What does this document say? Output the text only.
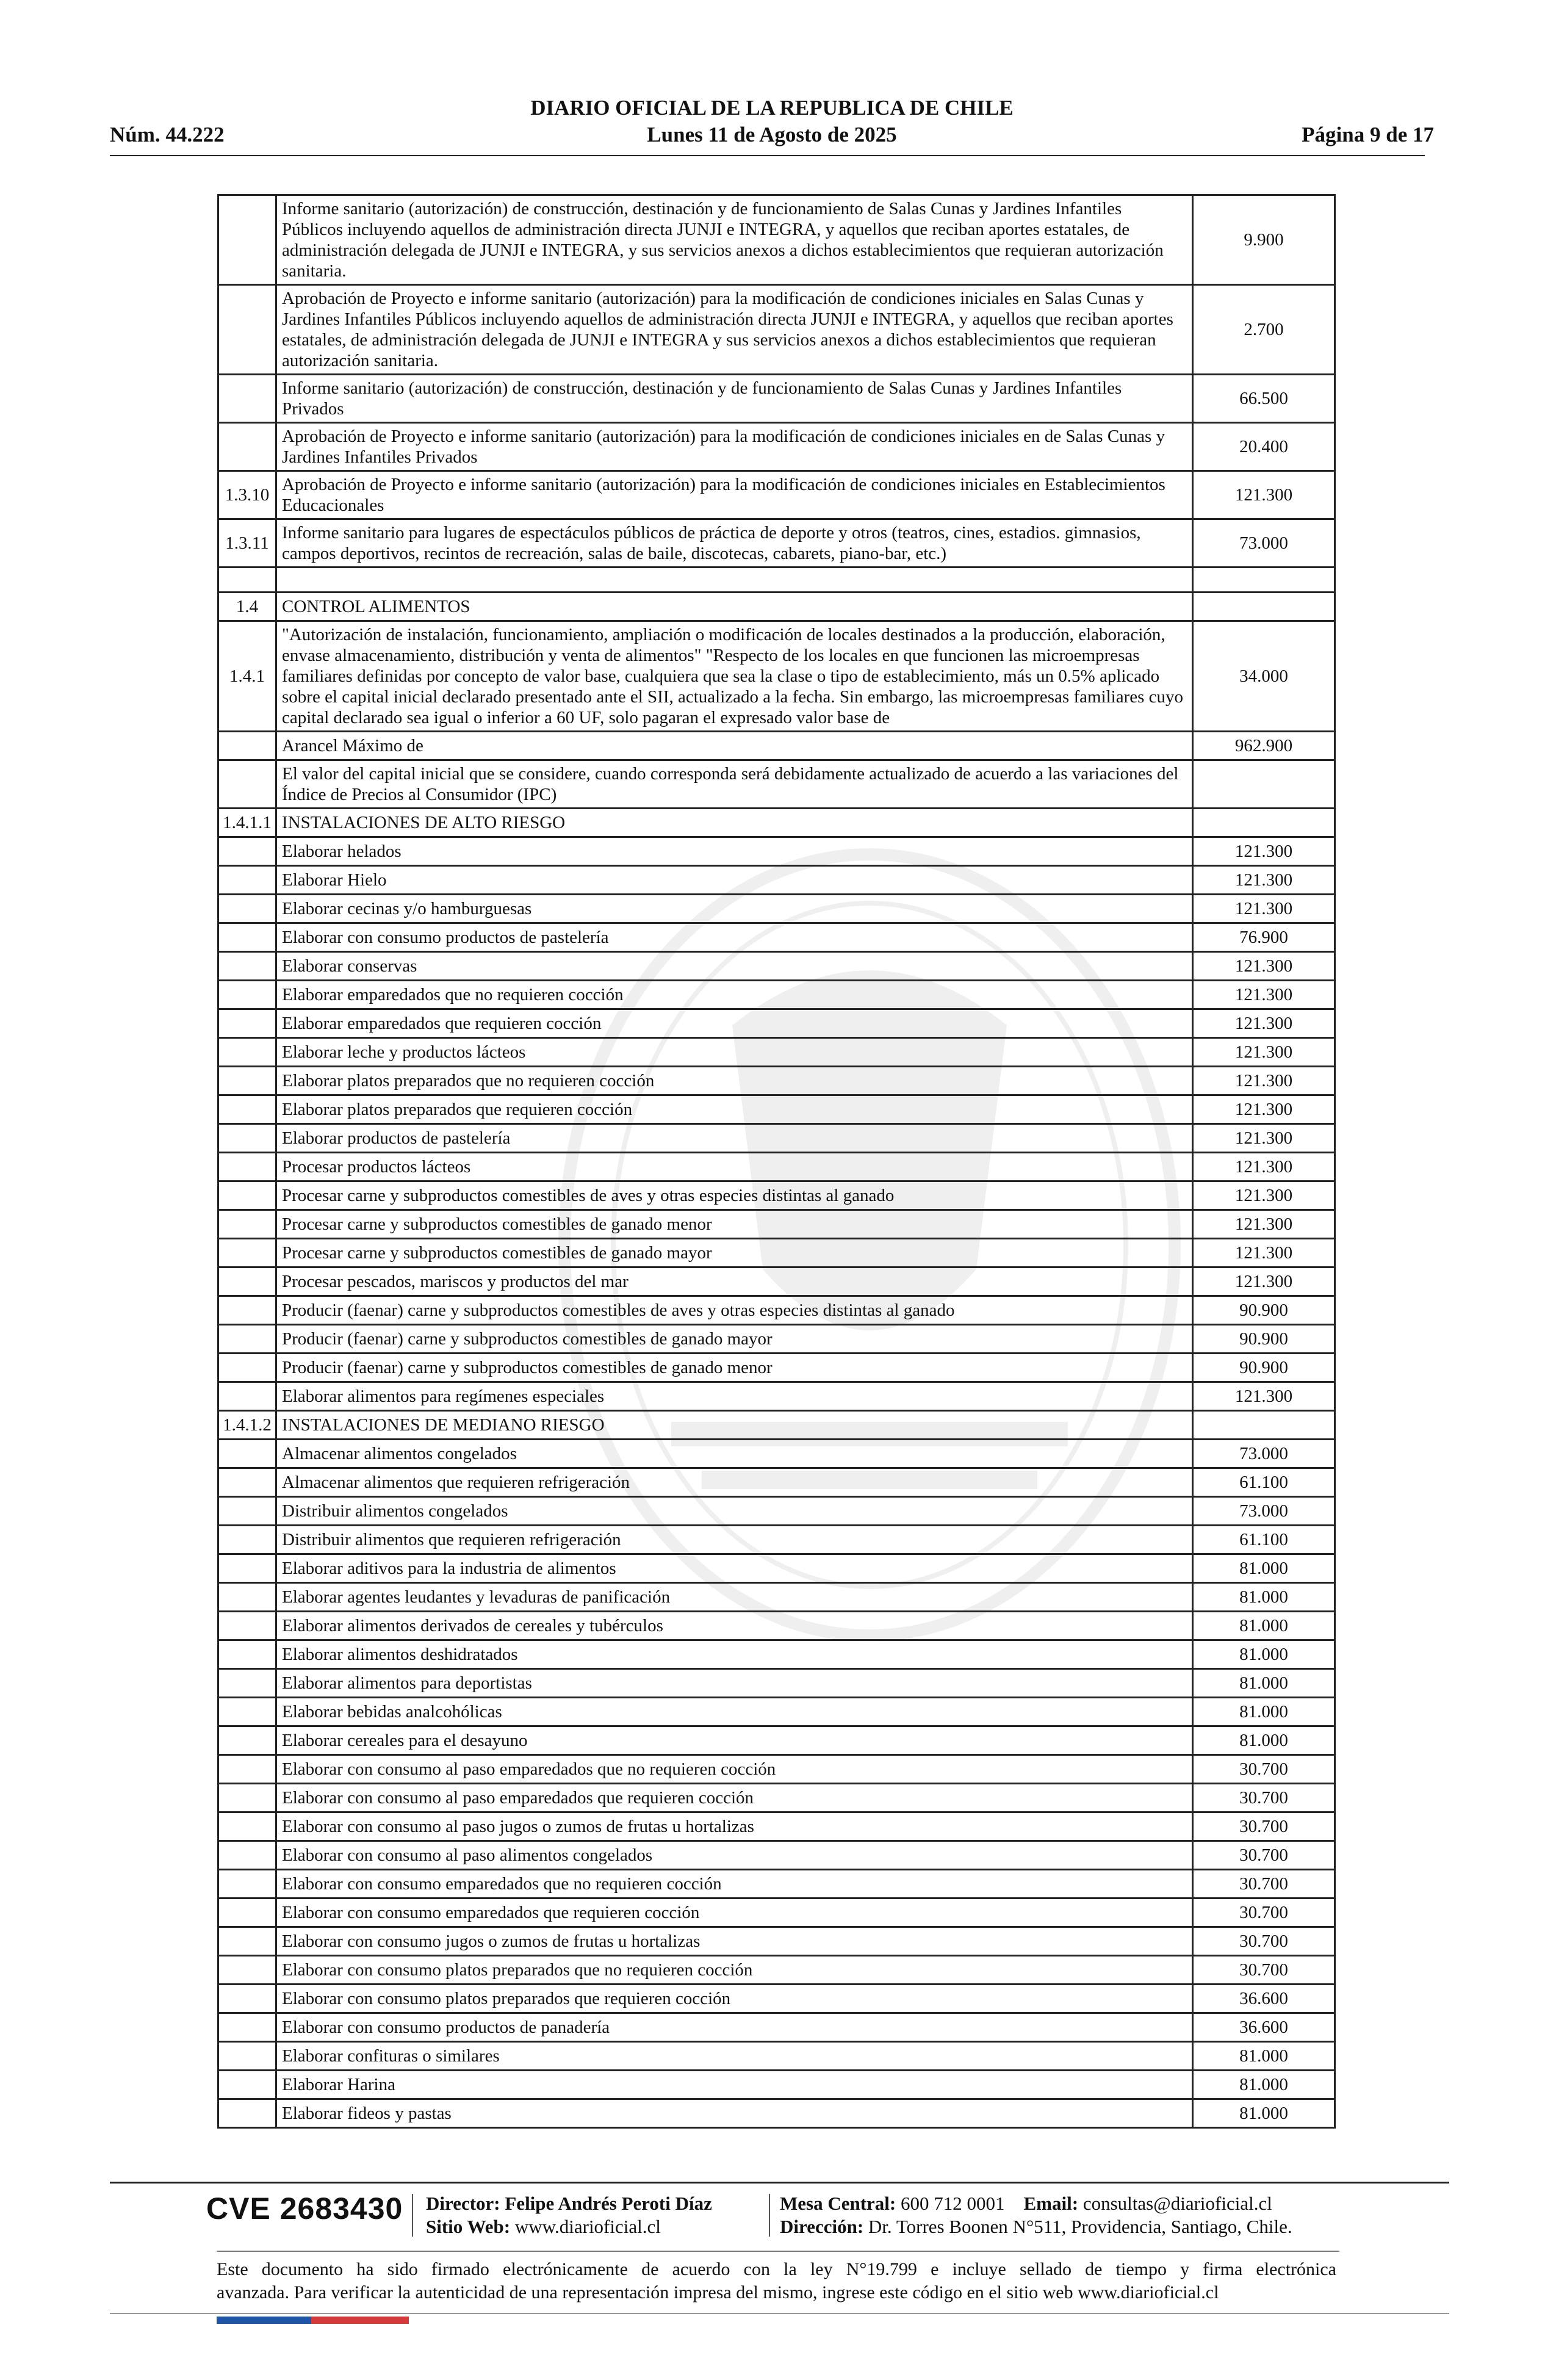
Núm. 44.222
DIARIO OFICIAL DE LA REPUBLICA DE CHILE
Lunes 11 de Agosto de 2025	Página 9 de 17
	Informe sanitario (autorización) de construcción, destinación y de funcionamiento de Salas Cunas y Jardines Infantiles Públicos incluyendo aquellos de administración directa JUNJI e INTEGRA, y aquellos que reciban aportes estatales, de administración delegada de JUNJI e INTEGRA, y sus servicios anexos a dichos establecimientos que requieran autorización sanitaria.	9.900
	Aprobación de Proyecto e informe sanitario (autorización) para la modificación de condiciones iniciales en Salas Cunas y Jardines Infantiles Públicos incluyendo aquellos de administración directa JUNJI e INTEGRA, y aquellos que reciban aportes estatales, de administración delegada de JUNJI e INTEGRA y sus servicios anexos a dichos establecimientos que requieran autorización sanitaria.	2.700
	Informe sanitario (autorización) de construcción, destinación y de funcionamiento de Salas Cunas y Jardines Infantiles Privados	66.500
	Aprobación de Proyecto e informe sanitario (autorización) para la modificación de condiciones iniciales en de Salas Cunas y Jardines Infantiles Privados	20.400
1.3.10	Aprobación de Proyecto e informe sanitario (autorización) para la modificación de condiciones iniciales en Establecimientos Educacionales	121.300
1.3.11	Informe sanitario para lugares de espectáculos públicos de práctica de deporte y otros (teatros, cines, estadios. gimnasios, campos deportivos, recintos de recreación, salas de baile, discotecas, cabarets, piano-bar, etc.)	73.000

1.4	CONTROL ALIMENTOS	
1.4.1	"Autorización de instalación, funcionamiento, ampliación o modificación de locales destinados a la producción, elaboración, envase almacenamiento, distribución y venta de alimentos" "Respecto de los locales en que funcionen las microempresas familiares definidas por concepto de valor base, cualquiera que sea la clase o tipo de establecimiento, más un 0.5% aplicado sobre el capital inicial declarado presentado ante el SII, actualizado a la fecha. Sin embargo, las microempresas familiares cuyo capital declarado sea igual o inferior a 60 UF, solo pagaran el expresado valor base de	34.000
	Arancel Máximo de	962.900
	El valor del capital inicial que se considere, cuando corresponda será debidamente actualizado de acuerdo a las variaciones del Índice de Precios al Consumidor (IPC)	
1.4.1.1	INSTALACIONES DE ALTO RIESGO	
	Elaborar helados	121.300
	Elaborar Hielo	121.300
	Elaborar cecinas y/o hamburguesas	121.300
	Elaborar con consumo productos de pastelería	76.900
	Elaborar conservas	121.300
	Elaborar emparedados que no requieren cocción	121.300
	Elaborar emparedados que requieren cocción	121.300
	Elaborar leche y productos lácteos	121.300
	Elaborar platos preparados que no requieren cocción	121.300
	Elaborar platos preparados que requieren cocción	121.300
	Elaborar productos de pastelería	121.300
	Procesar productos lácteos	121.300
	Procesar carne y subproductos comestibles de aves y otras especies distintas al ganado	121.300
	Procesar carne y subproductos comestibles de ganado menor	121.300
	Procesar carne y subproductos comestibles de ganado mayor	121.300
	Procesar pescados, mariscos y productos del mar	121.300
	Producir (faenar) carne y subproductos comestibles de aves y otras especies distintas al ganado	90.900
	Producir (faenar) carne y subproductos comestibles de ganado mayor	90.900
	Producir (faenar) carne y subproductos comestibles de ganado menor	90.900
	Elaborar alimentos para regímenes especiales	121.300
1.4.1.2	INSTALACIONES DE MEDIANO RIESGO	
	Almacenar alimentos congelados	73.000
	Almacenar alimentos que requieren refrigeración	61.100
	Distribuir alimentos congelados	73.000
	Distribuir alimentos que requieren refrigeración	61.100
	Elaborar aditivos para la industria de alimentos	81.000
	Elaborar agentes leudantes y levaduras de panificación	81.000
	Elaborar alimentos derivados de cereales y tubérculos	81.000
	Elaborar alimentos deshidratados	81.000
	Elaborar alimentos para deportistas	81.000
	Elaborar bebidas analcohólicas	81.000
	Elaborar cereales para el desayuno	81.000
	Elaborar con consumo al paso emparedados que no requieren cocción	30.700
	Elaborar con consumo al paso emparedados que requieren cocción	30.700
	Elaborar con consumo al paso jugos o zumos de frutas u hortalizas	30.700
	Elaborar con consumo al paso alimentos congelados	30.700
	Elaborar con consumo emparedados que no requieren cocción	30.700
	Elaborar con consumo emparedados que requieren cocción	30.700
	Elaborar con consumo jugos o zumos de frutas u hortalizas	30.700
	Elaborar con consumo platos preparados que no requieren cocción	30.700
	Elaborar con consumo platos preparados que requieren cocción	36.600
	Elaborar con consumo productos de panadería	36.600
	Elaborar confituras o similares	81.000
	Elaborar Harina	81.000
	Elaborar fideos y pastas	81.000
CVE 2683430 Director: Felipe Andrés Peroti Díaz
Sitio Web: www.diarioficial.cl
Mesa Central: 600 712 0001 Email: consultas@diarioficial.cl
Dirección: Dr. Torres Boonen N°511, Providencia, Santiago, Chile.
Este documento ha sido firmado electrónicamente de acuerdo con la ley N°19.799 e incluye sellado de tiempo y firma electrónica
avanzada. Para verificar la autenticidad de una representación impresa del mismo, ingrese este código en el sitio web www.diarioficial.cl
